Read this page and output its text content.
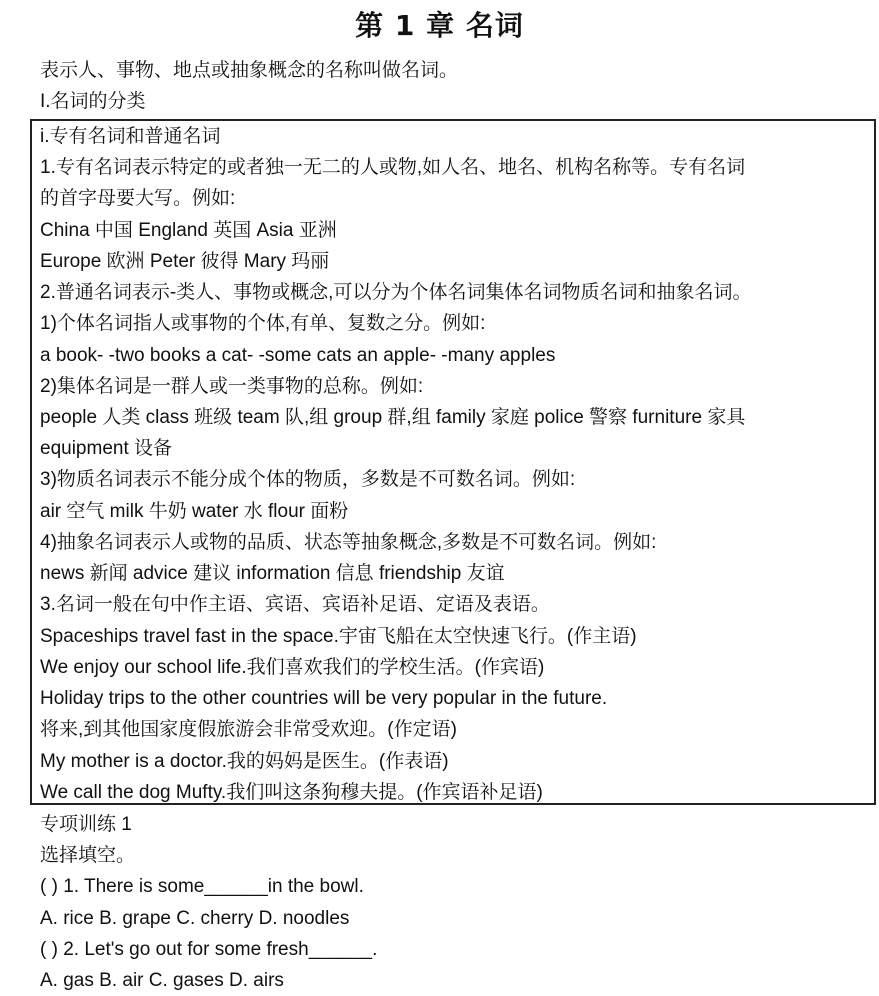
第 1 章 名词
表示人、事物、地点或抽象概念的名称叫做名词。
I.名词的分类
i.专有名词和普通名词
1.专有名词表示特定的或者独一无二的人或物,如人名、地名、机构名称等。专有名词
的首字母要大写。例如:
China 中国 England 英国 Asia 亚洲
Europe 欧洲 Peter 彼得 Mary 玛丽
2.普通名词表示-类人、事物或概念,可以分为个体名词集体名词物质名词和抽象名词。
1)个体名词指人或事物的个体,有单、复数之分。例如:
a book- -two books a cat- -some cats an apple- -many apples
2)集体名词是一群人或一类事物的总称。例如:
people 人类 class 班级 team 队,组 group 群,组 family 家庭 police 警察 furniture 家具
equipment 设备
3)物质名词表示不能分成个体的物质，多数是不可数名词。例如:
air 空气 milk 牛奶 water 水 flour 面粉
4)抽象名词表示人或物的品质、状态等抽象概念,多数是不可数名词。例如:
news 新闻 advice 建议 information 信息 friendship 友谊
3.名词一般在句中作主语、宾语、宾语补足语、定语及表语。
Spaceships travel fast in the space.宇宙飞船在太空快速飞行。(作主语)
We enjoy our school life.我们喜欢我们的学校生活。(作宾语)
Holiday trips to the other countries will be very popular in the future.
将来,到其他国家度假旅游会非常受欢迎。(作定语)
My mother is a doctor.我的妈妈是医生。(作表语)
We call the dog Mufty.我们叫这条狗穆夫提。(作宾语补足语)
专项训练 1
选择填空。
( ) 1. There is some______in the bowl.
A. rice B. grape C. cherry D. noodles
( ) 2. Let's go out for some fresh______.
A. gas B. air C. gases D. airs
